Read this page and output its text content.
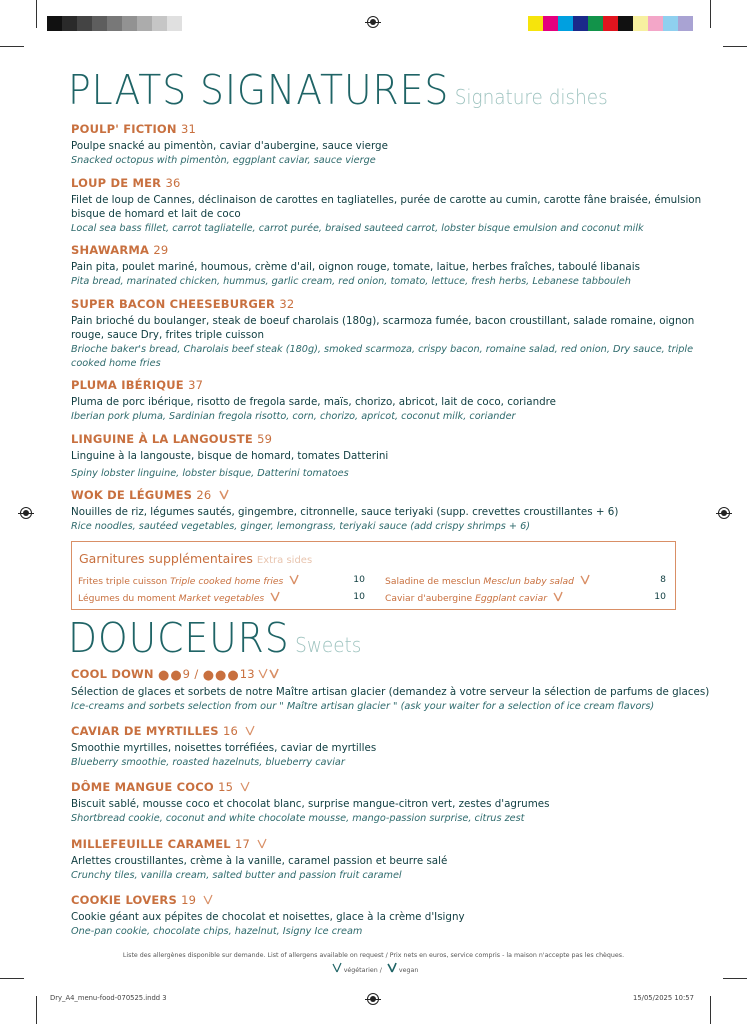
PLATS SIGNATURES Signature dishes
POULP' FICTION 31
Poulpe snacké au pimentòn, caviar d'aubergine, sauce vierge
Snacked octopus with pimentòn, eggplant caviar, sauce vierge
LOUP DE MER 36
Filet de loup de Cannes, déclinaison de carottes en tagliatelles, purée de carotte au cumin, carotte fâne braisée, émulsion bisque de homard et lait de coco
Local sea bass fillet, carrot tagliatelle, carrot purée, braised sauteed carrot, lobster bisque emulsion and coconut milk
SHAWARMA 29
Pain pita, poulet mariné, houmous, crème d'ail, oignon rouge, tomate, laitue, herbes fraîches, taboulé libanais
Pita bread, marinated chicken, hummus, garlic cream, red onion, tomato, lettuce, fresh herbs, Lebanese tabbouleh
SUPER BACON CHEESEBURGER 32
Pain brioché du boulanger, steak de boeuf charolais (180g), scarmoza fumée, bacon croustillant, salade romaine, oignon rouge, sauce Dry, frites triple cuisson
Brioche baker's bread, Charolais beef steak (180g), smoked scarmoza, crispy bacon, romaine salad, red onion, Dry sauce, triple cooked home fries
PLUMA IBÉRIQUE 37
Pluma de porc ibérique, risotto de fregola sarde, maïs, chorizo, abricot, lait de coco, coriandre
Iberian pork pluma, Sardinian fregola risotto, corn, chorizo, apricot, coconut milk, coriander
LINGUINE À LA LANGOUSTE 59
Linguine à la langouste, bisque de homard, tomates Datterini
Spiny lobster linguine, lobster bisque, Datterini tomatoes
WOK DE LÉGUMES 26
Nouilles de riz, légumes sautés, gingembre, citronnelle, sauce teriyaki (supp. crevettes croustillantes + 6)
Rice noodles, sautéed vegetables, ginger, lemongrass, teriyaki sauce (add crispy shrimps + 6)
Garnitures supplémentaires Extra sides
Frites triple cuisson Triple cooked home fries	10
Légumes du moment Market vegetables	10
Saladine de mesclun Mesclun baby salad	8
Caviar d'aubergine Eggplant caviar	10
DOUCEURS Sweets
COOL DOWN ●●9 / ●●●13
Sélection de glaces et sorbets de notre Maître artisan glacier (demandez à votre serveur la sélection de parfums de glaces)
Ice-creams and sorbets selection from our " Maître artisan glacier " (ask your waiter for a selection of ice cream flavors)
CAVIAR DE MYRTILLES 16
Smoothie myrtilles, noisettes torréfiées, caviar de myrtilles
Blueberry smoothie, roasted hazelnuts, blueberry caviar
DÔME MANGUE COCO 15
Biscuit sablé, mousse coco et chocolat blanc, surprise mangue-citron vert, zestes d'agrumes
Shortbread cookie, coconut and white chocolate mousse, mango-passion surprise, citrus zest
MILLEFEUILLE CARAMEL 17
Arlettes croustillantes, crème à la vanille, caramel passion et beurre salé
Crunchy tiles, vanilla cream, salted butter and passion fruit caramel
COOKIE LOVERS 19
Cookie géant aux pépites de chocolat et noisettes, glace à la crème d'Isigny
One-pan cookie, chocolate chips, hazelnut, Isigny Ice cream
Liste des allergènes disponible sur demande. List of allergens available on request / Prix nets en euros, service compris - la maison n'accepte pas les chèques.
végétarien /	vegan
Dry_A4_menu-food-070525.indd 3	15/05/2025 10:57
